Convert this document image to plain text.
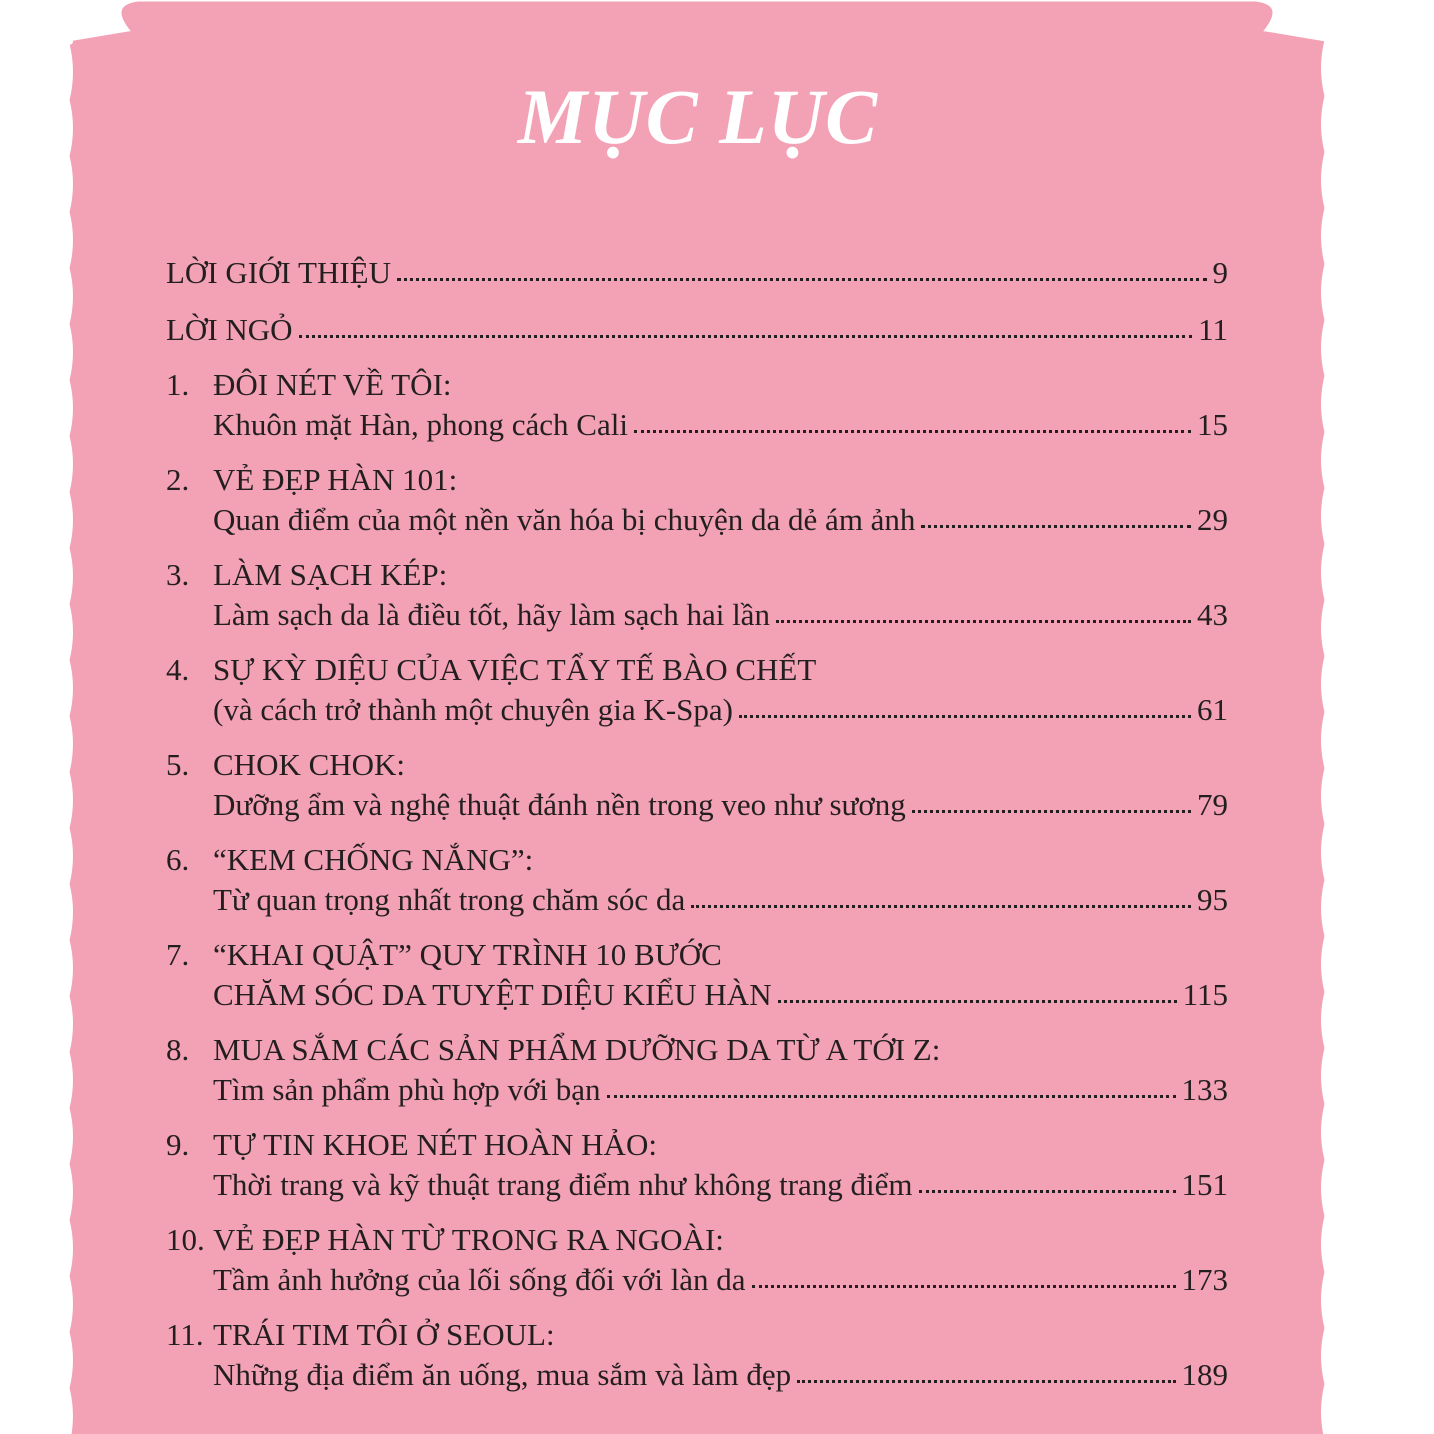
MỤC LỤC
LỜI GIỚI THIỆU	9
LỜI NGỎ	11
1. ĐÔI NÉT VỀ TÔI:
Khuôn mặt Hàn, phong cách Cali	15
2. VẺ ĐẸP HÀN 101:
Quan điểm của một nền văn hóa bị chuyện da dẻ ám ảnh	29
3. LÀM SẠCH KÉP:
Làm sạch da là điều tốt, hãy làm sạch hai lần	43
4. SỰ KỲ DIỆU CỦA VIỆC TẨY TẾ BÀO CHẾT
(và cách trở thành một chuyên gia K-Spa)	61
5. CHOK CHOK:
Dưỡng ẩm và nghệ thuật đánh nền trong veo như sương	79
6. “KEM CHỐNG NẮNG”:
Từ quan trọng nhất trong chăm sóc da	95
7. “KHAI QUẬT” QUY TRÌNH 10 BƯỚC
CHĂM SÓC DA TUYỆT DIỆU KIỂU HÀN	115
8. MUA SẮM CÁC SẢN PHẨM DƯỠNG DA TỪ A TỚI Z:
Tìm sản phẩm phù hợp với bạn	133
9. TỰ TIN KHOE NÉT HOÀN HẢO:
Thời trang và kỹ thuật trang điểm như không trang điểm	151
10. VẺ ĐẸP HÀN TỪ TRONG RA NGOÀI:
Tầm ảnh hưởng của lối sống đối với làn da	173
11. TRÁI TIM TÔI Ở SEOUL:
Những địa điểm ăn uống, mua sắm và làm đẹp	189
